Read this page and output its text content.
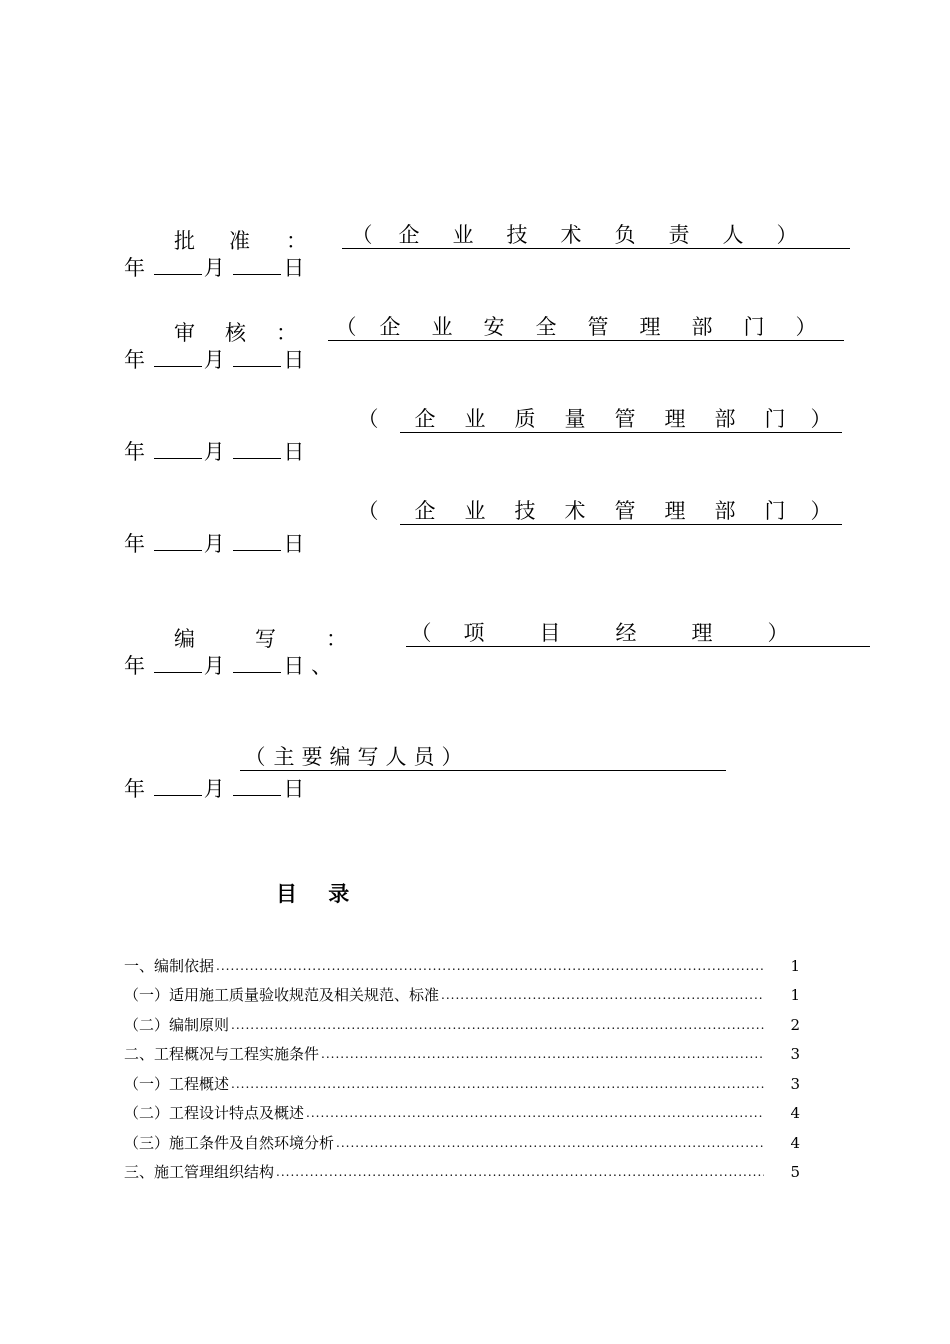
批 准 ：	（ 企 业 技 术 负 责 人 ）
年	月	日
审 核 ：	（ 企 业 安 全 管 理 部 门 ）
年	月	日
（ 企 业 质 量 管 理 部 门 ）
年	月	日
（ 企 业 技 术 管 理 部 门 ）
年	月	日
编	写 ：	（ 项	目	经	理	）
年	月	日 、
（ 主 要 编 写 人 员 ）
年	月	日
目 录
一、编制依据 .....	1
（一）适用施工质量验收规范及相关规范、标准 .....	1
（二）编制原则 .....	2
二、工程概况与工程实施条件 .....	3
（一）工程概述 .....	3
（二）工程设计特点及概述 .....	4
（三）施工条件及自然环境分析 .....	4
三、施工管理组织结构 .....	5
